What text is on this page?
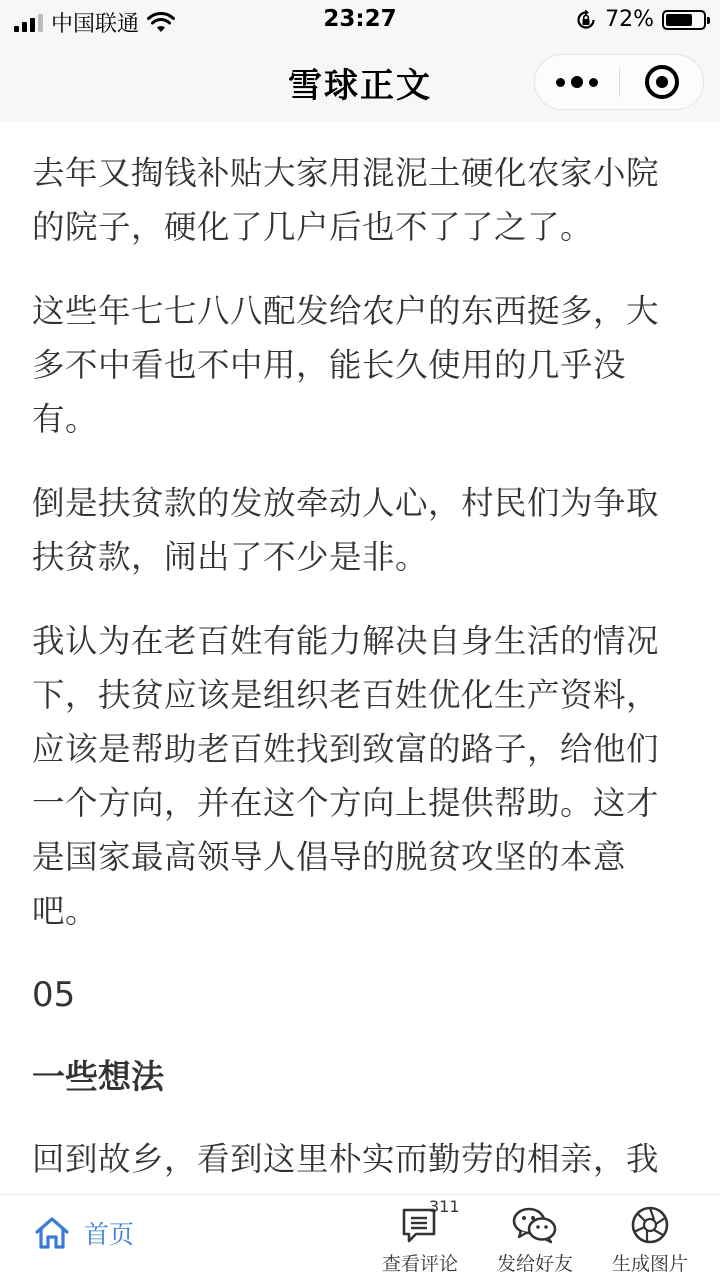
中国联通	23:27	72%
雪球正文

去年又掏钱补贴大家用混泥土硬化农家小院的院子，硬化了几户后也不了了之了。

这些年七七八八配发给农户的东西挺多，大多不中看也不中用，能长久使用的几乎没有。

倒是扶贫款的发放牵动人心，村民们为争取扶贫款，闹出了不少是非。

我认为在老百姓有能力解决自身生活的情况下，扶贫应该是组织老百姓优化生产资料，应该是帮助老百姓找到致富的路子，给他们一个方向，并在这个方向上提供帮助。这才是国家最高领导人倡导的脱贫攻坚的本意吧。

05
一些想法

回到故乡，看到这里朴实而勤劳的相亲，我

首页
311
查看评论	发给好友	生成图片
